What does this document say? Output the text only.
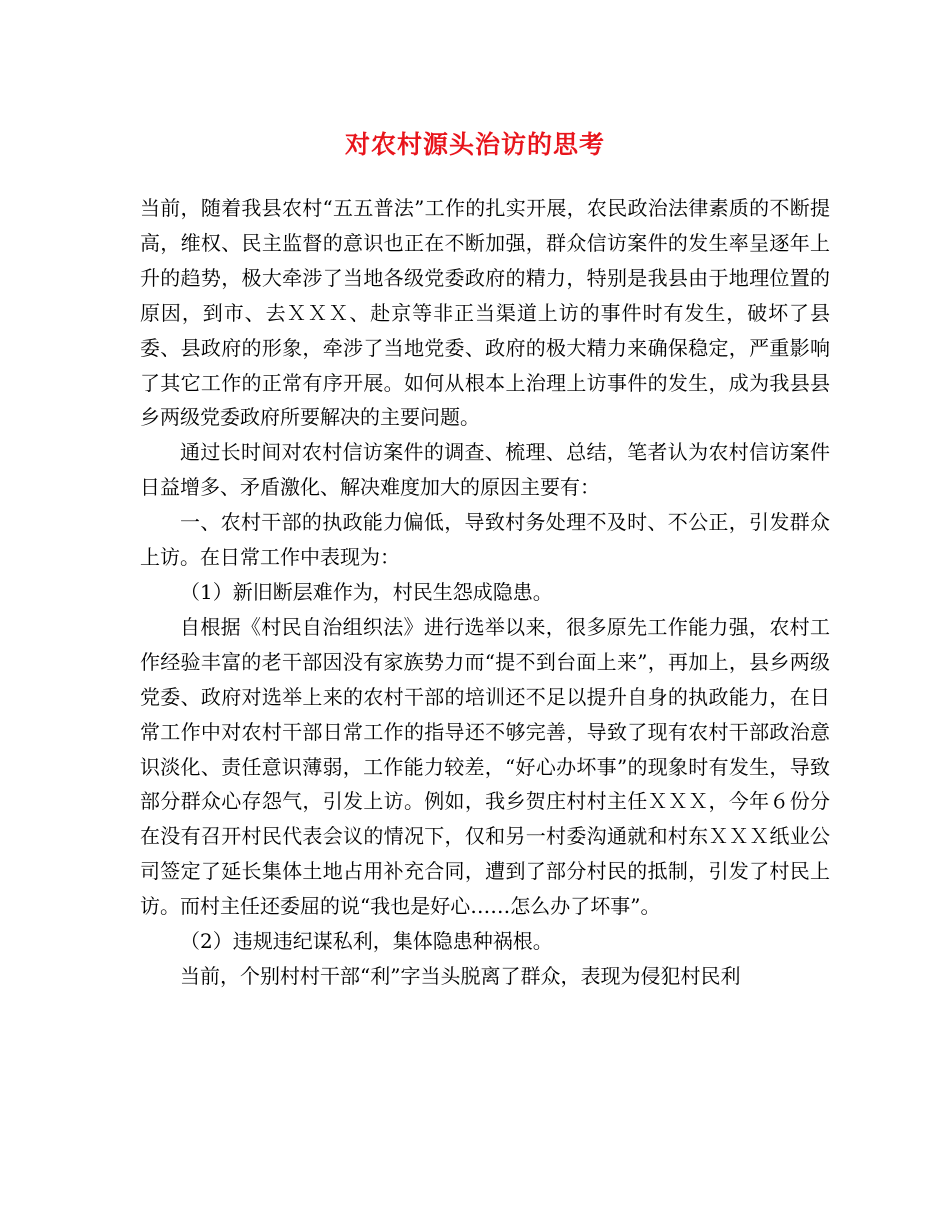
对农村源头治访的思考

当前，随着我县农村“五五普法”工作的扎实开展，农民政治法律素质的不断提高，维权、民主监督的意识也正在不断加强，群众信访案件的发生率呈逐年上升的趋势，极大牵涉了当地各级党委政府的精力，特别是我县由于地理位置的原因，到市、去ＸＸＸ、赴京等非正当渠道上访的事件时有发生，破坏了县委、县政府的形象，牵涉了当地党委、政府的极大精力来确保稳定，严重影响了其它工作的正常有序开展。如何从根本上治理上访事件的发生，成为我县县乡两级党委政府所要解决的主要问题。

通过长时间对农村信访案件的调查、梳理、总结，笔者认为农村信访案件日益增多、矛盾激化、解决难度加大的原因主要有：

一、农村干部的执政能力偏低，导致村务处理不及时、不公正，引发群众上访。在日常工作中表现为：

（1）新旧断层难作为，村民生怨成隐患。

自根据《村民自治组织法》进行选举以来，很多原先工作能力强，农村工作经验丰富的老干部因没有家族势力而“提不到台面上来”，再加上，县乡两级党委、政府对选举上来的农村干部的培训还不足以提升自身的执政能力，在日常工作中对农村干部日常工作的指导还不够完善，导致了现有农村干部政治意识淡化、责任意识薄弱，工作能力较差，“好心办坏事”的现象时有发生，导致部分群众心存怨气，引发上访。例如，我乡贺庄村村主任ＸＸＸ，今年６份分在没有召开村民代表会议的情况下，仅和另一村委沟通就和村东ＸＸＸ纸业公司签定了延长集体土地占用补充合同，遭到了部分村民的抵制，引发了村民上访。而村主任还委屈的说“我也是好心……怎么办了坏事”。

（2）违规违纪谋私利，集体隐患种祸根。

当前，个别村村干部“利”字当头脱离了群众，表现为侵犯村民利
